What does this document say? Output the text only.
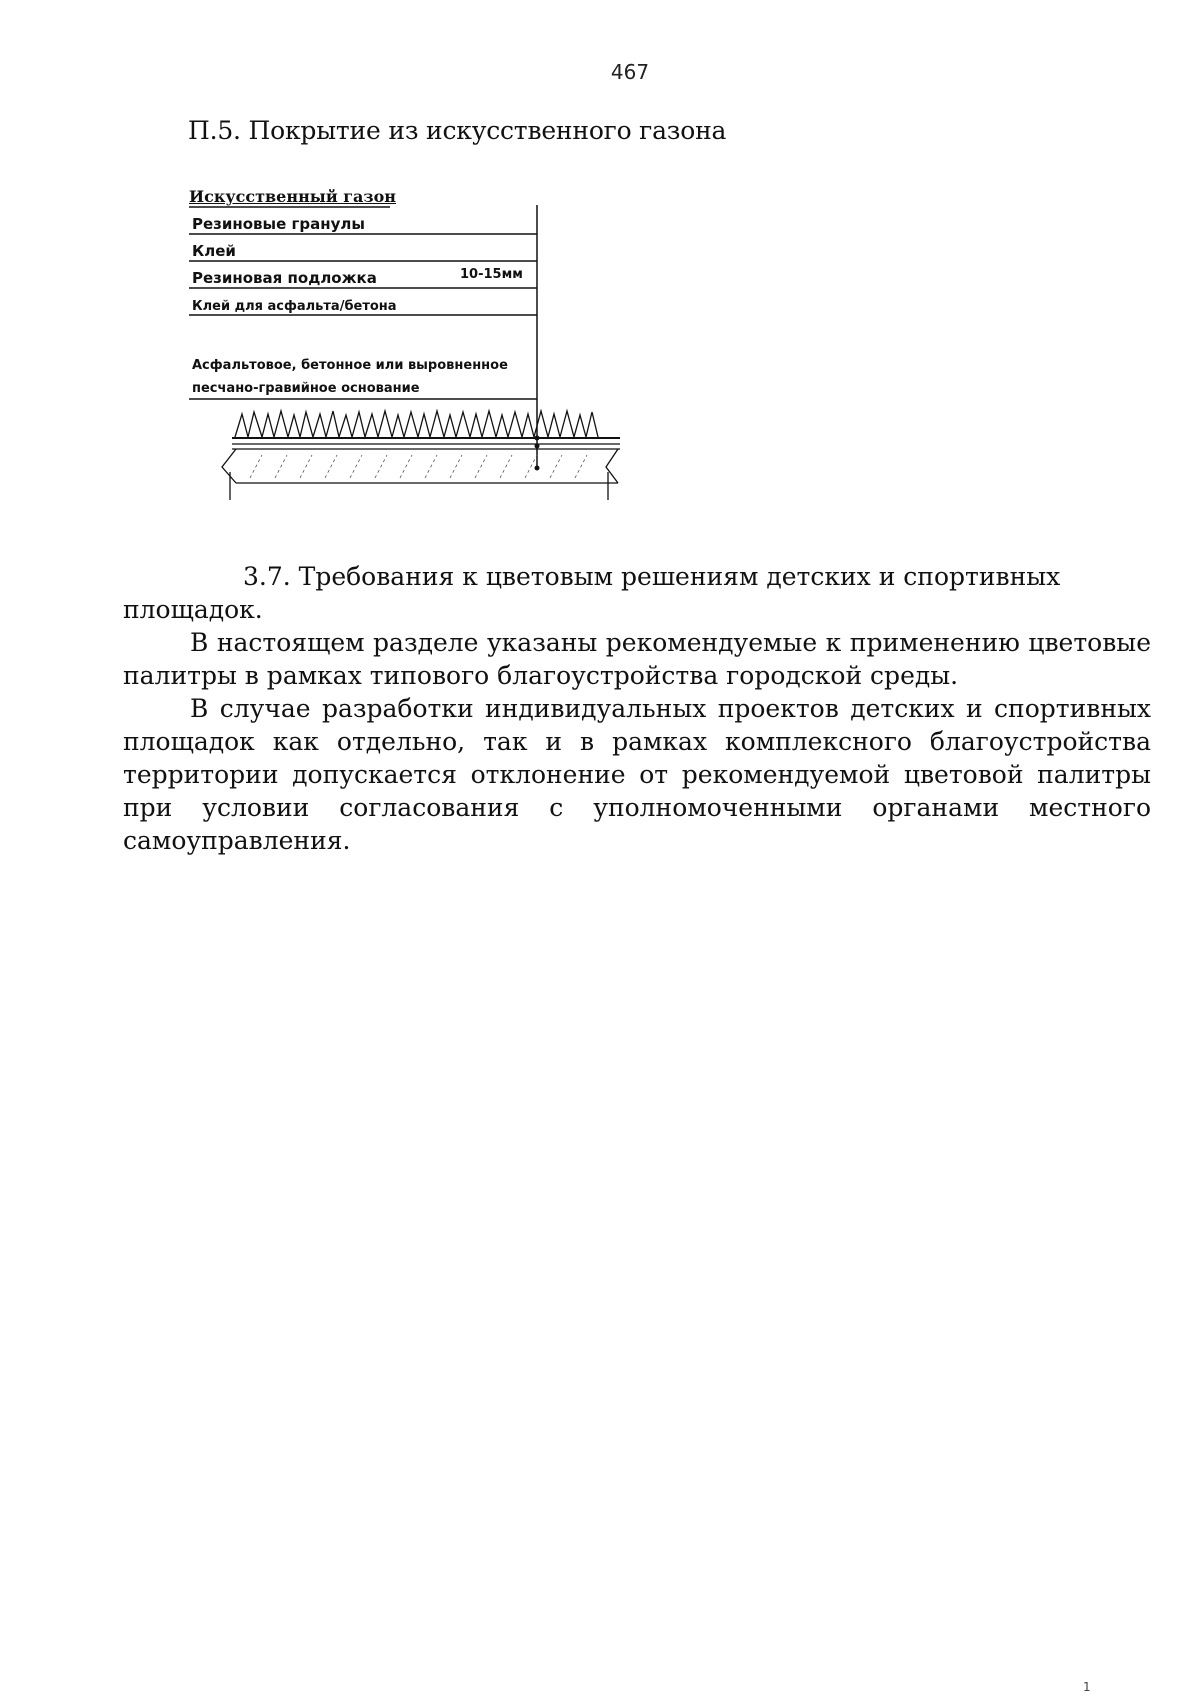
467
П.5. Покрытие из искусственного газона
Искусственный газон
Резиновые гранулы
Клей
Резиновая подложка	10-15мм
Клей для асфальта/бетона
Асфальтовое, бетонное или выровненное
песчано-гравийное основание

3.7. Требования к цветовым решениям детских и спортивных площадок.

В настоящем разделе указаны рекомендуемые к применению цветовые палитры в рамках типового благоустройства городской среды.

В случае разработки индивидуальных проектов детских и спортивных площадок как отдельно, так и в рамках комплексного благоустройства территории допускается отклонение от рекомендуемой цветовой палитры при условии согласования с уполномоченными органами местного самоуправления.

1
